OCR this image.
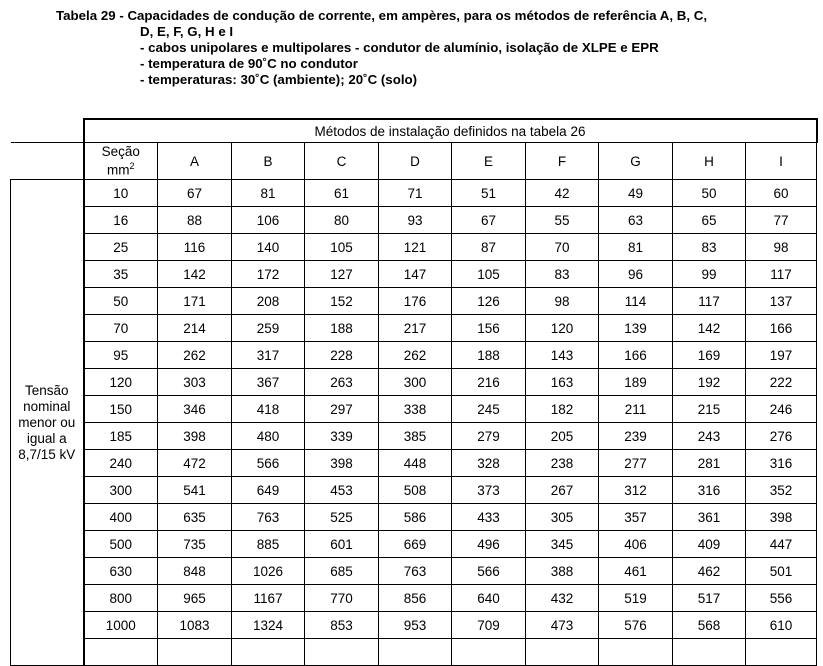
Tabela 29 - Capacidades de condução de corrente, em ampères, para os métodos de referência A, B, C,
D, E, F, G, H e I
- cabos unipolares e multipolares - condutor de alumínio, isolação de XLPE e EPR
- temperatura de 90˚C no condutor
- temperaturas: 30˚C (ambiente); 20˚C (solo)
	Métodos de instalação definidos na tabela 26									
	Seção
$mm^2$	A	B	C	D	E	F	G	H	I

Tensão
nominal
menor ou
igual a
8,7/15 kV	10	67	81	61	71	51	42	49	50	60
	16	88	106	80	93	67	55	63	65	77
	25	116	140	105	121	87	70	81	83	98
	35	142	172	127	147	105	83	96	99	117
	50	171	208	152	176	126	98	114	117	137
	70	214	259	188	217	156	120	139	142	166
	95	262	317	228	262	188	143	166	169	197
	120	303	367	263	300	216	163	189	192	222
	150	346	418	297	338	245	182	211	215	246
	185	398	480	339	385	279	205	239	243	276
	240	472	566	398	448	328	238	277	281	316
	300	541	649	453	508	373	267	312	316	352
	400	635	763	525	586	433	305	357	361	398
	500	735	885	601	669	496	345	406	409	447
	630	848	1026	685	763	566	388	461	462	501
	800	965	1167	770	856	640	432	519	517	556
	1000	1083	1324	853	953	709	473	576	568	610
